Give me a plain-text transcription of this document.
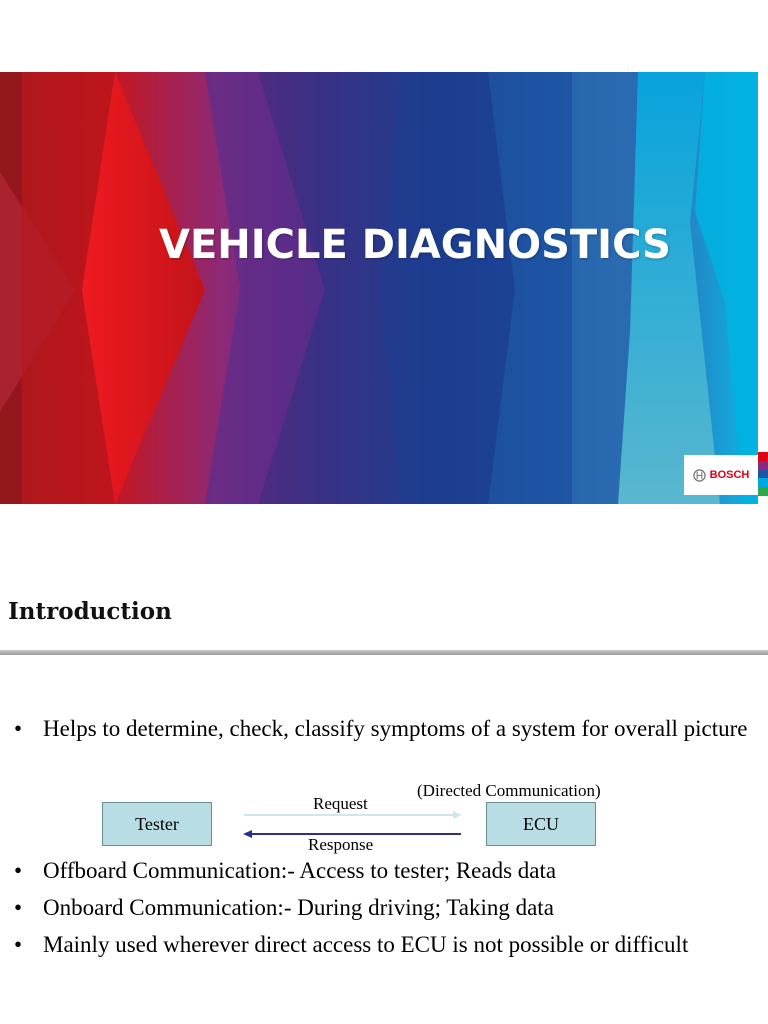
VEHICLE DIAGNOSTICS
BOSCH
Introduction
• Helps to determine, check, classify symptoms of a system for overall picture
Tester	ECU
Request
(Directed Communication)
Response
• Offboard Communication:- Access to tester; Reads data
• Onboard Communication:- During driving; Taking data
• Mainly used wherever direct access to ECU is not possible or difficult
